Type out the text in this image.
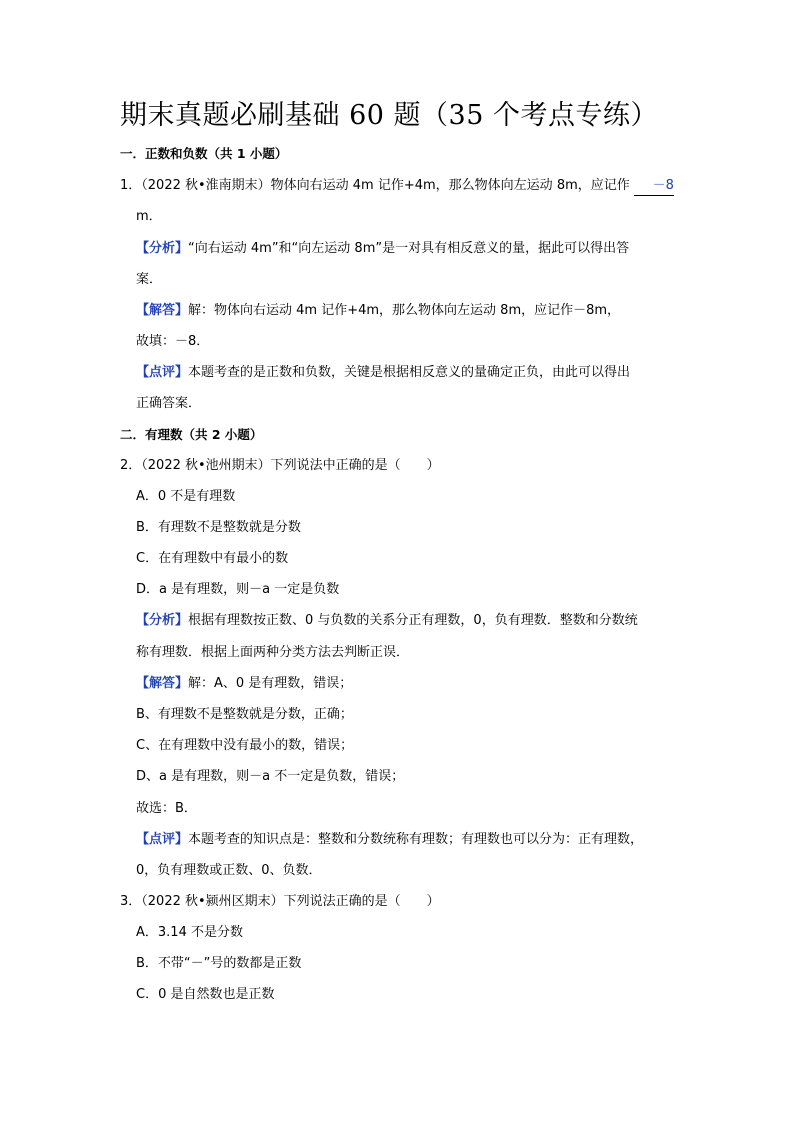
期末真题必刷基础 60 题（35 个考点专练）
一．正数和负数（共 1 小题）
1．（2022 秋•淮南期末）物体向右运动 4m 记作+4m，那么物体向左运动 8m，应记作 －8
m．
【分析】“向右运动 4m”和“向左运动 8m”是一对具有相反意义的量，据此可以得出答
案．
【解答】解：物体向右运动 4m 记作+4m，那么物体向左运动 8m，应记作－8m，
故填：－8．
【点评】本题考查的是正数和负数，关键是根据相反意义的量确定正负，由此可以得出
正确答案．
二．有理数（共 2 小题）
2．（2022 秋•池州期末）下列说法中正确的是（　　）
A．0 不是有理数
B．有理数不是整数就是分数
C．在有理数中有最小的数
D．a 是有理数，则－a 一定是负数
【分析】根据有理数按正数、0 与负数的关系分正有理数，0，负有理数．整数和分数统
称有理数．根据上面两种分类方法去判断正误．
【解答】解：A、0 是有理数，错误；
B、有理数不是整数就是分数，正确；
C、在有理数中没有最小的数，错误；
D、a 是有理数，则－a 不一定是负数，错误；
故选：B．
【点评】本题考查的知识点是：整数和分数统称有理数；有理数也可以分为：正有理数，
0，负有理数或正数、0、负数．
3．（2022 秋•颍州区期末）下列说法正确的是（　　）
A．3.14 不是分数
B．不带“－”号的数都是正数
C．0 是自然数也是正数
